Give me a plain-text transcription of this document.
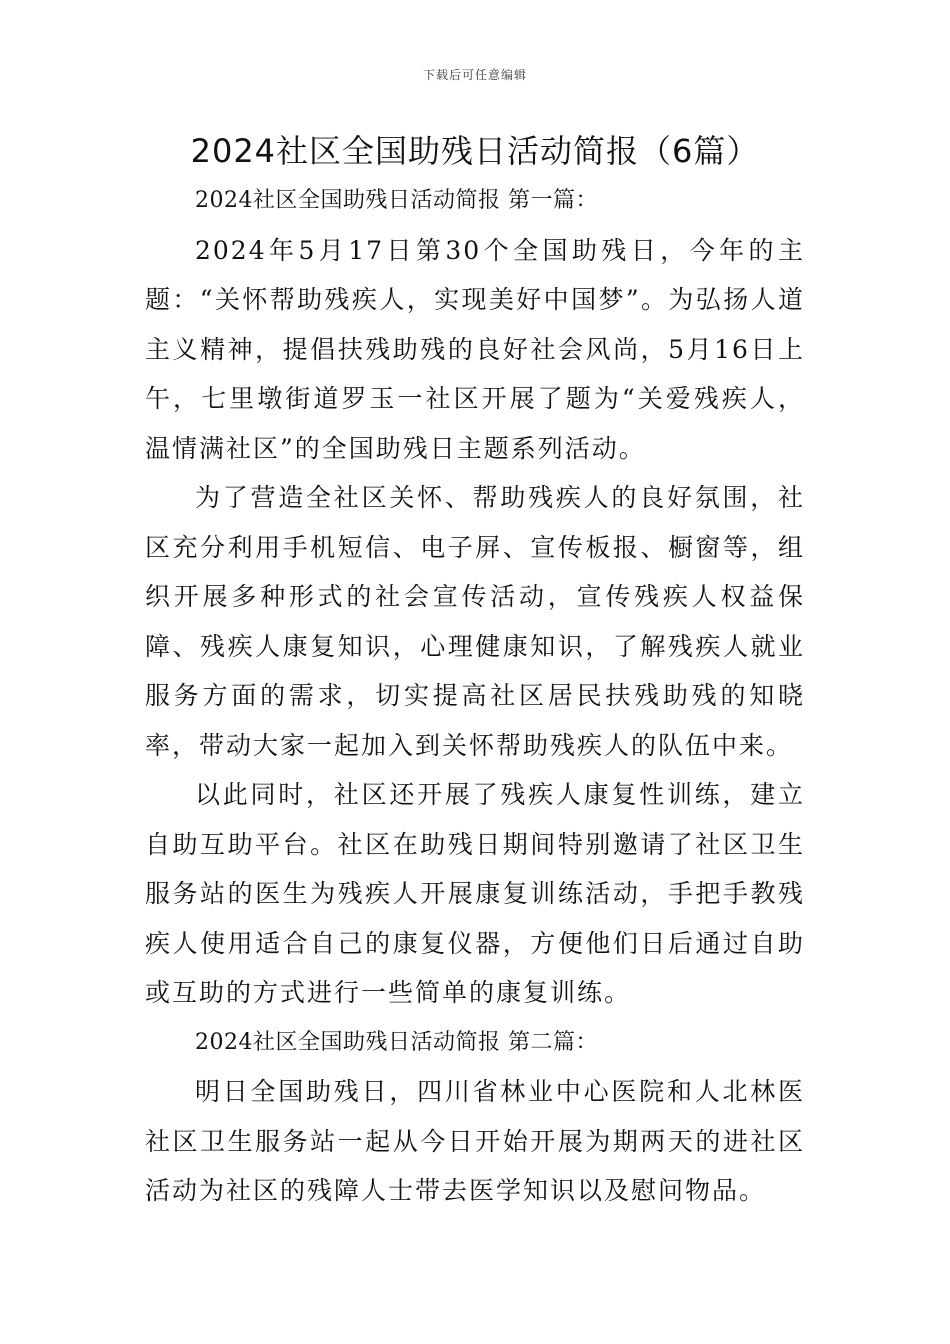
下载后可任意编辑
2024社区全国助残日活动简报（6篇）

2024社区全国助残日活动简报 第一篇：

2024年5月17日第30个全国助残日，今年的主题：“关怀帮助残疾人，实现美好中国梦”。为弘扬人道主义精神，提倡扶残助残的良好社会风尚，5月16日上午，七里墩街道罗玉一社区开展了题为“关爱残疾人，温情满社区”的全国助残日主题系列活动。

为了营造全社区关怀、帮助残疾人的良好氛围，社区充分利用手机短信、电子屏、宣传板报、橱窗等，组织开展多种形式的社会宣传活动，宣传残疾人权益保障、残疾人康复知识，心理健康知识，了解残疾人就业服务方面的需求，切实提高社区居民扶残助残的知晓率，带动大家一起加入到关怀帮助残疾人的队伍中来。

以此同时，社区还开展了残疾人康复性训练，建立自助互助平台。社区在助残日期间特别邀请了社区卫生服务站的医生为残疾人开展康复训练活动，手把手教残疾人使用适合自己的康复仪器，方便他们日后通过自助或互助的方式进行一些简单的康复训练。

2024社区全国助残日活动简报 第二篇：

明日全国助残日，四川省林业中心医院和人北林医社区卫生服务站一起从今日开始开展为期两天的进社区活动为社区的残障人士带去医学知识以及慰问物品。
